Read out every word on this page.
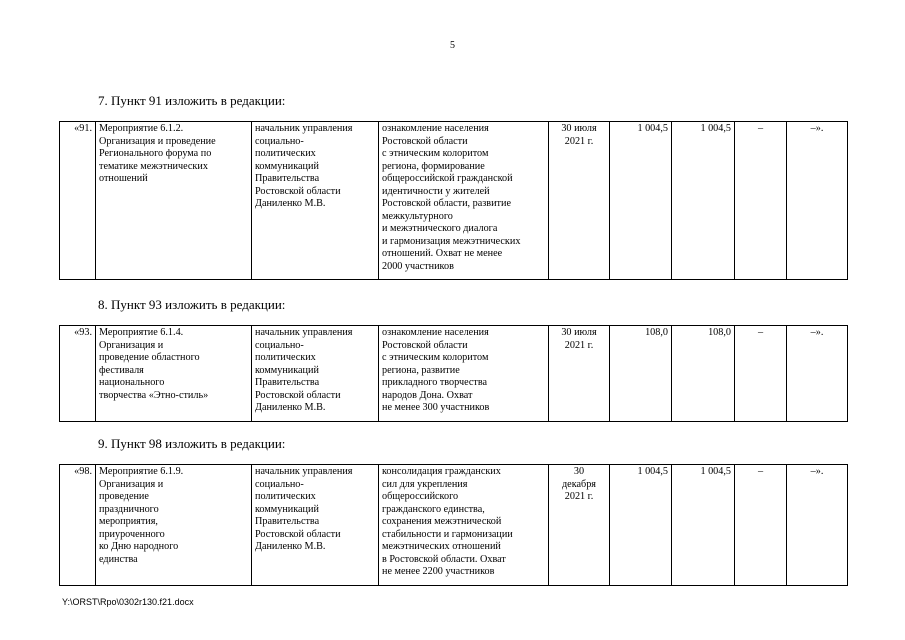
5
7. Пункт 91 изложить в редакции:
«91.	Мероприятие 6.1.2.
Организация и проведение
Регионального форума по
тематике межэтнических
отношений

начальник управления
социально-
политических
коммуникаций
Правительства
Ростовской области
Даниленко М.В.

ознакомление населения
Ростовской области
с этническим колоритом
региона, формирование
общероссийской гражданской
идентичности у жителей
Ростовской области, развитие
межкультурного
и межэтнического диалога
и гармонизация межэтнических
отношений. Охват не менее
2000 участников

30 июля
2021 г.
	1 004,5	1 004,5	–	–».
8. Пункт 93 изложить в редакции:
«93.	Мероприятие 6.1.4.
Организация и
проведение областного
фестиваля
национального
творчества «Этно-стиль»

начальник управления
социально-
политических
коммуникаций
Правительства
Ростовской области
Даниленко М.В.

ознакомление населения
Ростовской области
с этническим колоритом
региона, развитие
прикладного творчества
народов Дона. Охват
не менее 300 участников

30 июля
2021 г.
	108,0	108,0	–	–».
9. Пункт 98 изложить в редакции:
«98.	Мероприятие 6.1.9.
Организация и
проведение
праздничного
мероприятия,
приуроченного
ко Дню народного
единства

начальник управления
социально-
политических
коммуникаций
Правительства
Ростовской области
Даниленко М.В.

консолидация гражданских
сил для укрепления
общероссийского
гражданского единства,
сохранения межэтнической
стабильности и гармонизации
межэтнических отношений
в Ростовской области. Охват
не менее 2200 участников

30
декабря
2021 г.
	1 004,5	1 004,5	–	–».
Y:\ORST\Rpo\0302r130.f21.docx
